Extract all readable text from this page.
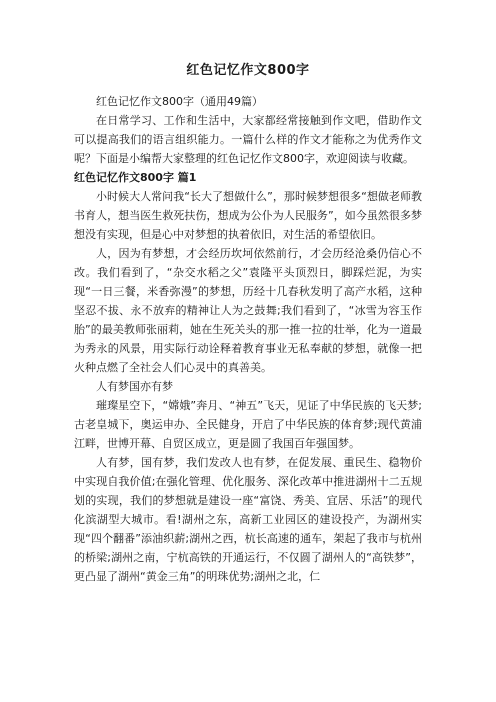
红色记忆作文800字

红色记忆作文800字（通用49篇）

在日常学习、工作和生活中，大家都经常接触到作文吧，借助作文可以提高我们的语言组织能力。一篇什么样的作文才能称之为优秀作文呢？下面是小编帮大家整理的红色记忆作文800字，欢迎阅读与收藏。

红色记忆作文800字 篇1

小时候大人常问我“长大了想做什么”，那时候梦想很多“想做老师教书育人，想当医生救死扶伤，想成为公仆为人民服务”，如今虽然很多梦想没有实现，但是心中对梦想的执着依旧，对生活的希望依旧。

人，因为有梦想，才会经历坎坷依然前行，才会历经沧桑仍信心不改。我们看到了，“杂交水稻之父”袁隆平头顶烈日，脚踩烂泥，为实现“一日三餐，米香弥漫”的梦想，历经十几春秋发明了高产水稻，这种坚忍不拔、永不放弃的精神让人为之鼓舞;我们看到了，“冰雪为容玉作胎”的最美教师张丽莉，她在生死关头的那一推一拉的壮举，化为一道最为秀永的风景，用实际行动诠释着教育事业无私奉献的梦想，就像一把火种点燃了全社会人们心灵中的真善美。

人有梦国亦有梦

璀璨星空下，“嫦娥”奔月、“神五”飞天，见证了中华民族的飞天梦;古老皇城下，奥运申办、全民健身，开启了中华民族的体育梦;现代黄浦江畔，世博开幕、自贸区成立，更是圆了我国百年强国梦。

人有梦，国有梦，我们发改人也有梦，在促发展、重民生、稳物价中实现自我价值;在强化管理、优化服务、深化改革中推进湖州十二五规划的实现，我们的梦想就是建设一座“富饶、秀美、宜居、乐活”的现代化滨湖型大城市。看!湖州之东，高新工业园区的建设投产，为湖州实现“四个翻番”添油织薪;湖州之西，杭长高速的通车，架起了我市与杭州的桥梁;湖州之南，宁杭高铁的开通运行，不仅圆了湖州人的“高铁梦”，更凸显了湖州“黄金三角”的明珠优势;湖州之北，仁
